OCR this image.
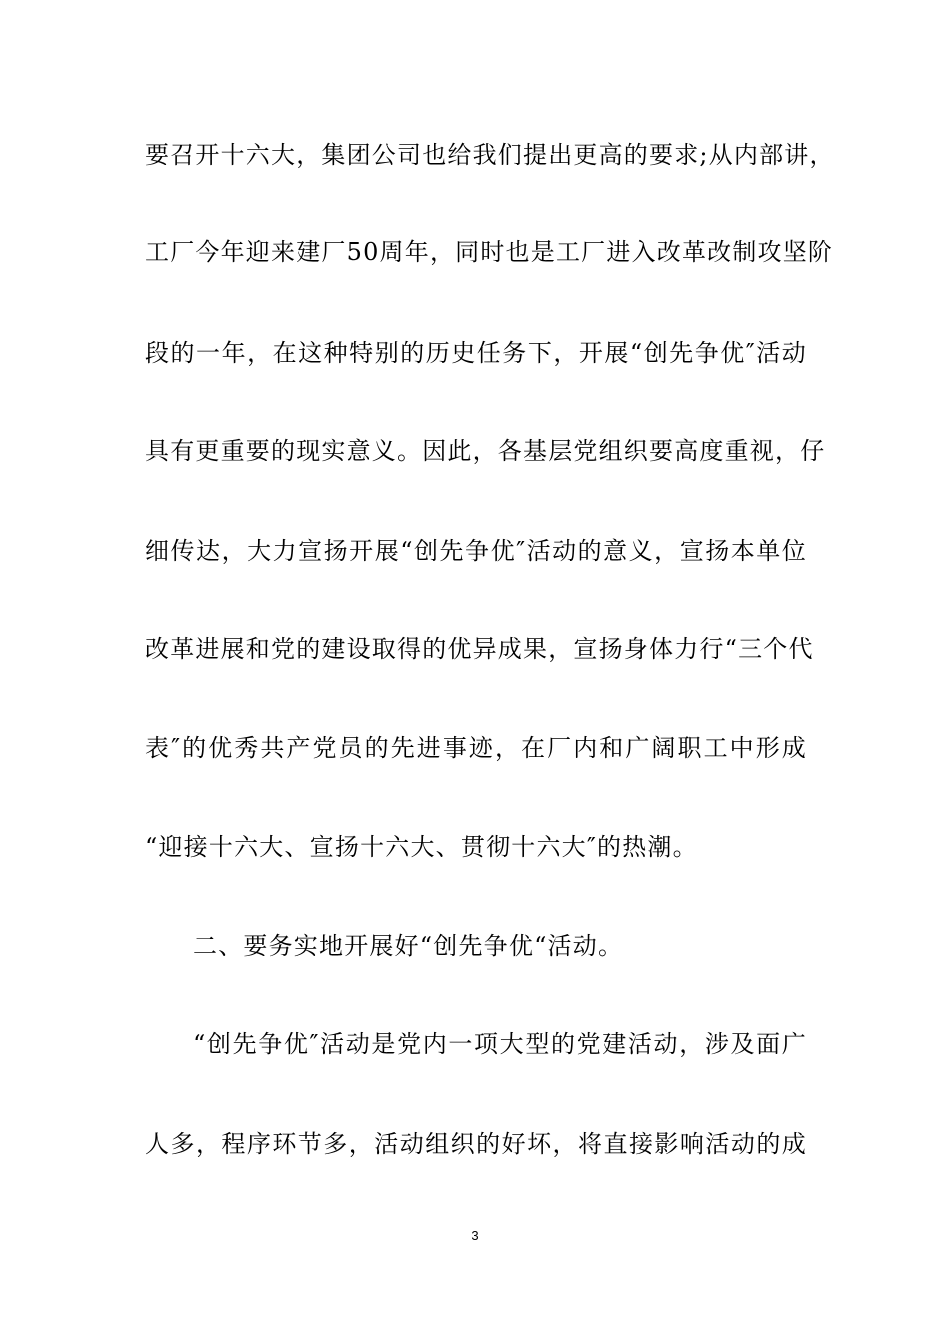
要召开十六大，集团公司也给我们提出更高的要求;从内部讲，
工厂今年迎来建厂50周年，同时也是工厂进入改革改制攻坚阶
段的一年，在这种特别的历史任务下，开展“创先争优″活动
具有更重要的现实意义。因此，各基层党组织要高度重视，仔
细传达，大力宣扬开展“创先争优″活动的意义，宣扬本单位
改革进展和党的建设取得的优异成果，宣扬身体力行“三个代
表″的优秀共产党员的先进事迹，在厂内和广阔职工中形成
“迎接十六大、宣扬十六大、贯彻十六大″的热潮。
二、要务实地开展好“创先争优“活动。
“创先争优″活动是党内一项大型的党建活动，涉及面广
人多，程序环节多，活动组织的好坏，将直接影响活动的成
3
